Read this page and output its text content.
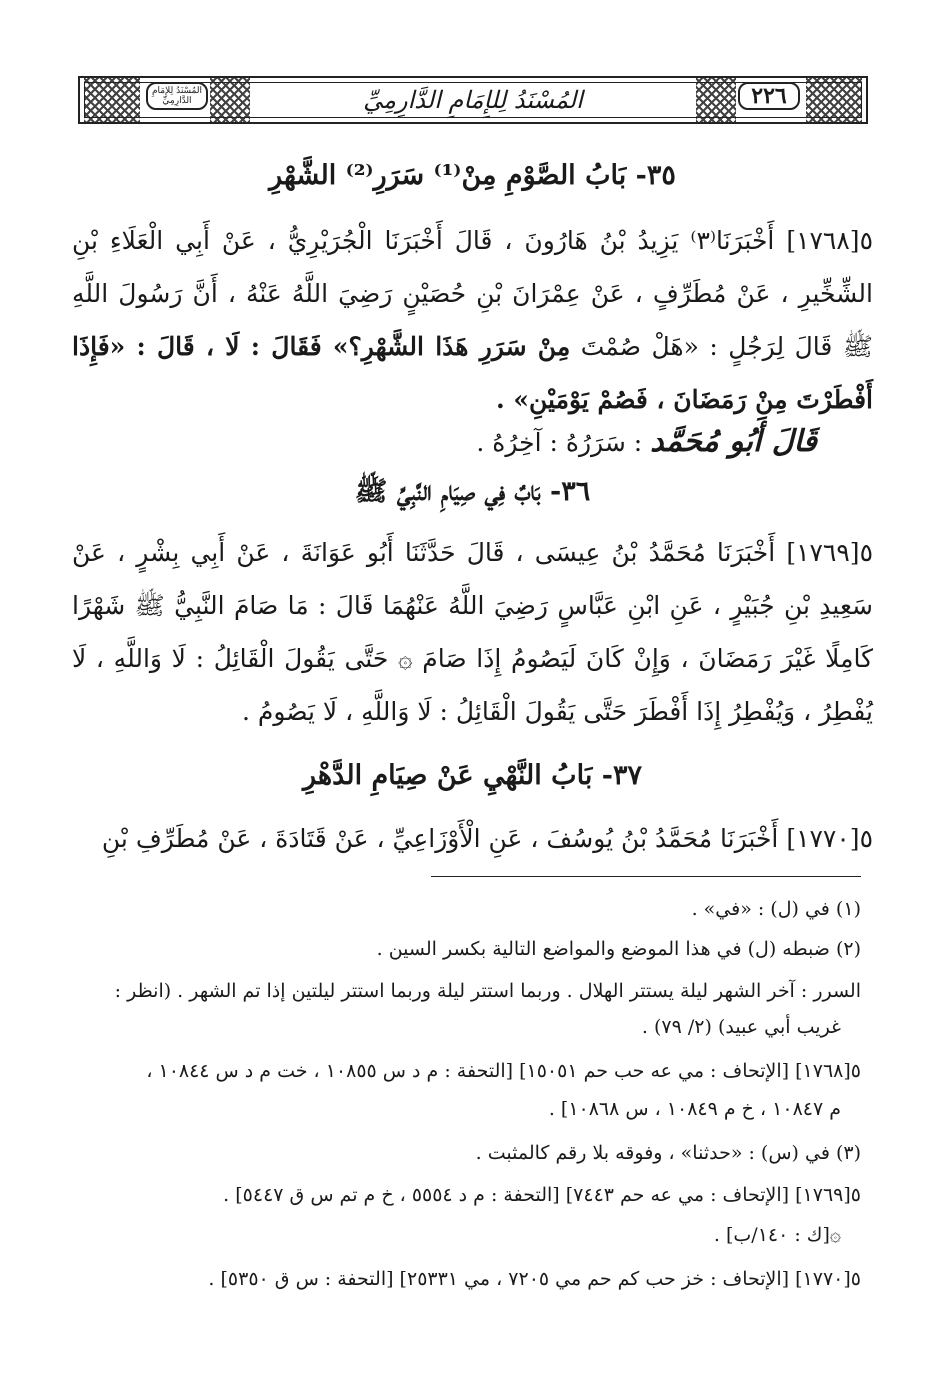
المُسْنَدُ لِلإِمَامِ الدَّارِمِيِّ	المُسْنَدُ لِلإِمَامِ الدَّارِمِيِّ	٢٢٦
٣٥- بَابُ الصَّوْمِ مِنْ⁽¹⁾ سَرَرِ⁽²⁾ الشَّهْرِ
٥[١٧٦٨] أَخْبَرَنَا⁽٣⁾ يَزِيدُ بْنُ هَارُونَ ، قَالَ أَخْبَرَنَا الْجُرَيْرِيُّ ، عَنْ أَبِي الْعَلَاءِ بْنِ الشِّخِّيرِ ، عَنْ مُطَرِّفٍ ، عَنْ عِمْرَانَ بْنِ حُصَيْنٍ رَضِيَ اللَّهُ عَنْهُ ، أَنَّ رَسُولَ اللَّهِ ﷺ قَالَ لِرَجُلٍ : «هَلْ صُمْتَ مِنْ سَرَرِ هَذَا الشَّهْرِ؟» فَقَالَ : لَا ، قَالَ : «فَإِذَا أَفْطَرْتَ مِنْ رَمَضَانَ ، فَصُمْ يَوْمَيْنِ» .
قَالَ أَبُو مُحَمَّد : سَرَرُهُ : آخِرُهُ .
٣٦- بَابٌ فِي صِيَامِ النَّبِيِّ ﷺ
٥[١٧٦٩] أَخْبَرَنَا مُحَمَّدُ بْنُ عِيسَى ، قَالَ حَدَّثَنَا أَبُو عَوَانَةَ ، عَنْ أَبِي بِشْرٍ ، عَنْ سَعِيدِ بْنِ جُبَيْرٍ ، عَنِ ابْنِ عَبَّاسٍ رَضِيَ اللَّهُ عَنْهُمَا قَالَ : مَا صَامَ النَّبِيُّ ﷺ شَهْرًا كَامِلًا غَيْرَ رَمَضَانَ ، وَإِنْ كَانَ لَيَصُومُ إِذَا صَامَ ۞ حَتَّى يَقُولَ الْقَائِلُ : لَا وَاللَّهِ ، لَا يُفْطِرُ ، وَيُفْطِرُ إِذَا أَفْطَرَ حَتَّى يَقُولَ الْقَائِلُ : لَا وَاللَّهِ ، لَا يَصُومُ .
٣٧- بَابُ النَّهْيِ عَنْ صِيَامِ الدَّهْرِ
٥[١٧٧٠] أَخْبَرَنَا مُحَمَّدُ بْنُ يُوسُفَ ، عَنِ الْأَوْزَاعِيِّ ، عَنْ قَتَادَةَ ، عَنْ مُطَرِّفِ بْنِ
(١) في (ل) : «في» .
(٢) ضبطه (ل) في هذا الموضع والمواضع التالية بكسر السين .
السرر : آخر الشهر ليلة يستتر الهلال . وربما استتر ليلة وربما استتر ليلتين إذا تم الشهر . (انظر :
غريب أبي عبيد) (٢/ ٧٩) .
٥[١٧٦٨] [الإتحاف : مي عه حب حم ١٥٠٥١] [التحفة : م د س ١٠٨٥٥ ، خت م د س ١٠٨٤٤ ،
م ١٠٨٤٧ ، خ م ١٠٨٤٩ ، س ١٠٨٦٨] .
(٣) في (س) : «حدثنا» ، وفوقه بلا رقم كالمثبت .
٥[١٧٦٩] [الإتحاف : مي عه حم ٧٤٤٣] [التحفة : م د ٥٥٥٤ ، خ م تم س ق ٥٤٤٧] .
۞[ك : ١٤٠/ب] .
٥[١٧٧٠] [الإتحاف : خز حب كم حم مي ٧٢٠٥ ، مي ٢٥٣٣١] [التحفة : س ق ٥٣٥٠] .
